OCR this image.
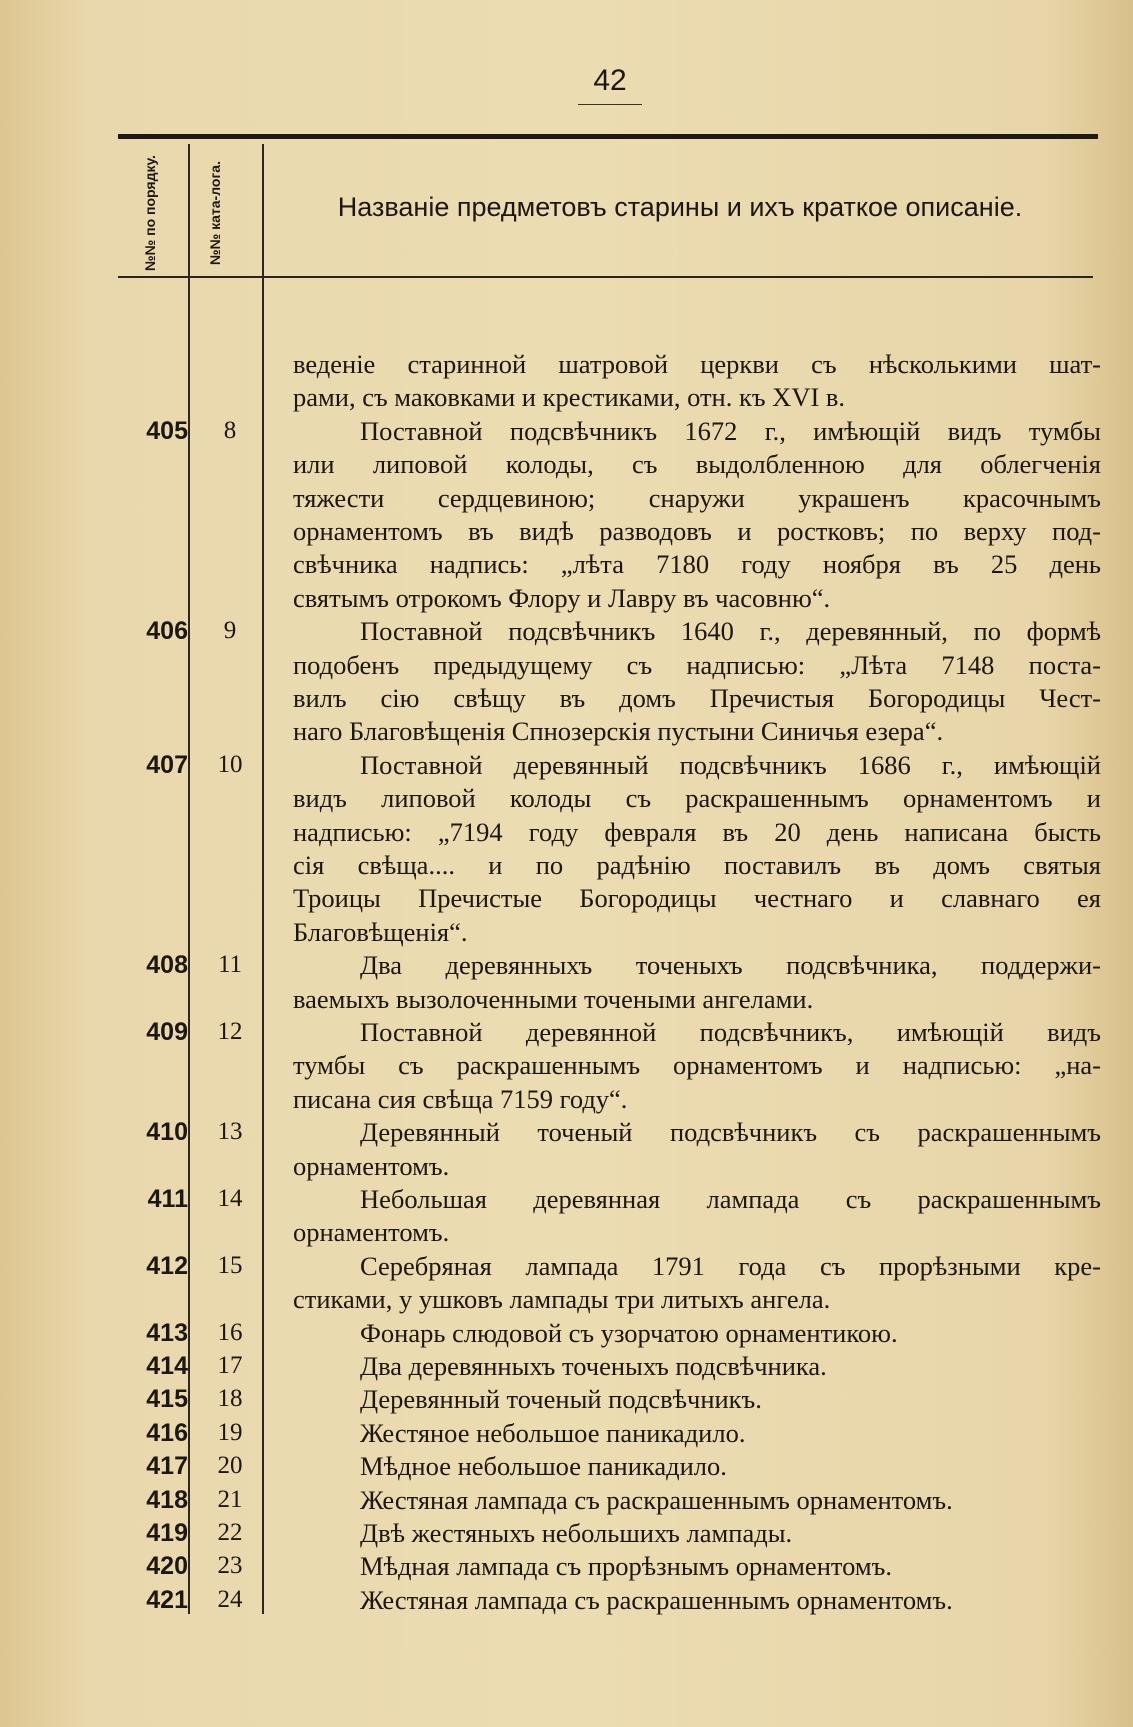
42
№№ по порядку.	№№ ката-лога.	Названіе предметовъ старины и ихъ краткое описаніе.
веденіе старинной шатровой церкви съ нѣсколькими шат-
рами, съ маковками и крестиками, отн. къ XVI в.
405	8	Поставной подсвѣчникъ 1672 г., имѣющій видъ тумбы
или липовой колоды, съ выдолбленною для облегченія
тяжести сердцевиною; снаружи украшенъ красочнымъ
орнаментомъ въ видѣ разводовъ и ростковъ; по верху под-
свѣчника надпись: „лѣта 7180 году ноября въ 25 день
святымъ отрокомъ Флору и Лавру въ часовню“.
406	9	Поставной подсвѣчникъ 1640 г., деревянный, по формѣ
подобенъ предыдущему съ надписью: „Лѣта 7148 поста-
вилъ сію свѣщу въ домъ Пречистыя Богородицы Чест-
наго Благовѣщенія Спнозерскія пустыни Синичья езера“.
407	10	Поставной деревянный подсвѣчникъ 1686 г., имѣющій
видъ липовой колоды съ раскрашеннымъ орнаментомъ и
надписью: „7194 году февраля въ 20 день написана бысть
сія свѣща.... и по радѣнію поставилъ въ домъ святыя
Троицы Пречистые Богородицы честнаго и славнаго ея
Благовѣщенія“.
408	11	Два деревянныхъ точеныхъ подсвѣчника, поддержи-
ваемыхъ вызолоченными точеными ангелами.
409	12	Поставной деревянной подсвѣчникъ, имѣющій видъ
тумбы съ раскрашеннымъ орнаментомъ и надписью: „на-
писана сия свѣща 7159 году“.
410	13	Деревянный точеный подсвѣчникъ съ раскрашеннымъ
орнаментомъ.
411	14	Небольшая деревянная лампада съ раскрашеннымъ
орнаментомъ.
412	15	Серебряная лампада 1791 года съ прорѣзными кре-
стиками, у ушковъ лампады три литыхъ ангела.
413	16	Фонарь слюдовой съ узорчатою орнаментикою.
414	17	Два деревянныхъ точеныхъ подсвѣчника.
415	18	Деревянный точеный подсвѣчникъ.
416	19	Жестяное небольшое паникадило.
417	20	Мѣдное небольшое паникадило.
418	21	Жестяная лампада съ раскрашеннымъ орнаментомъ.
419	22	Двѣ жестяныхъ небольшихъ лампады.
420	23	Мѣдная лампада съ прорѣзнымъ орнаментомъ.
421	24	Жестяная лампада съ раскрашеннымъ орнаментомъ.
